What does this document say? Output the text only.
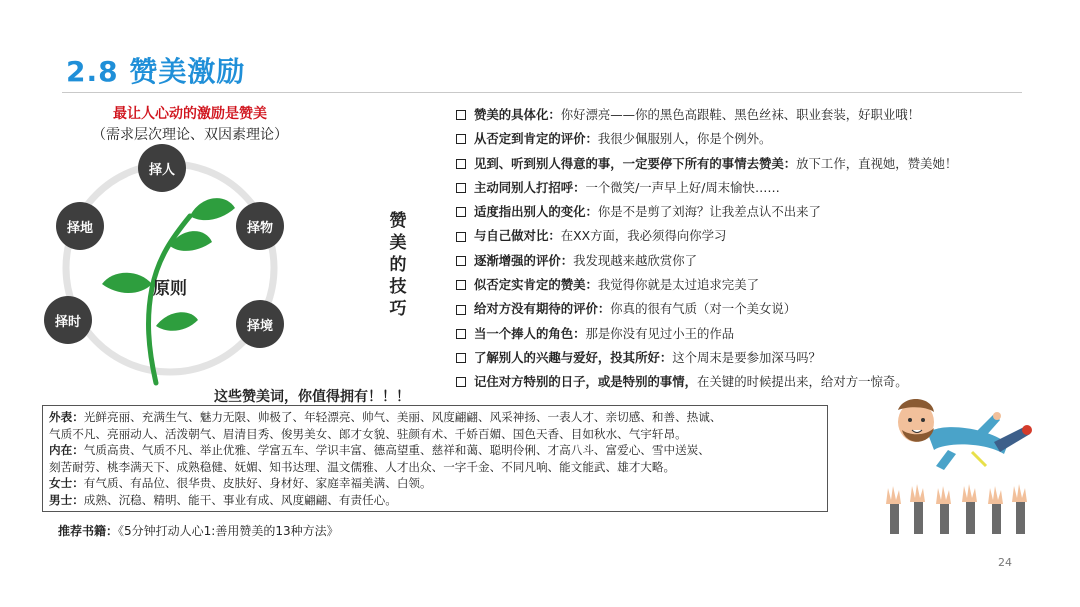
2.8 赞美激励
最让人心动的激励是赞美
（需求层次理论、双因素理论）
择人
择物
择境
择时
择地
原则
赞
美
的
技
巧
赞美的具体化： 你好漂亮——你的黑色高跟鞋、黑色丝袜、职业套装，好职业哦！
从否定到肯定的评价： 我很少佩服别人，你是个例外。
见到、听到别人得意的事，一定要停下所有的事情去赞美： 放下工作，直视她，赞美她！
主动同别人打招呼： 一个微笑/一声早上好/周末愉快……
适度指出别人的变化： 你是不是剪了刘海？让我差点认不出来了
与自己做对比： 在XX方面，我必须得向你学习
逐渐增强的评价： 我发现越来越欣赏你了
似否定实肯定的赞美： 我觉得你就是太过追求完美了
给对方没有期待的评价： 你真的很有气质（对一个美女说）
当一个捧人的角色： 那是你没有见过小王的作品
了解别人的兴趣与爱好，投其所好： 这个周末是要参加深马吗？
记住对方特别的日子，或是特别的事情， 在关键的时候提出来，给对方一惊奇。
这些赞美词，你值得拥有！！！

外表：光鲜亮丽、充满生气、魅力无限、帅极了、年轻漂亮、帅气、美丽、风度翩翩、风采神扬、一表人才、亲切感、和善、热诚、

气质不凡、亮丽动人、活泼朝气、眉清目秀、俊男美女、郎才女貌、驻颜有术、千娇百媚、国色天香、目如秋水、气宇轩昂。

内在：气质高贵、气质不凡、举止优雅、学富五车、学识丰富、德高望重、慈祥和蔼、聪明伶俐、才高八斗、富爱心、雪中送炭、

刻苦耐劳、桃李满天下、成熟稳健、妩媚、知书达理、温文儒雅、人才出众、一字千金、不同凡响、能文能武、雄才大略。

女士：有气质、有品位、很华贵、皮肤好、身材好、家庭幸福美满、白领。

男士：成熟、沉稳、精明、能干、事业有成、风度翩翩、有责任心。

推荐书籍：《5分钟打动人心1:善用赞美的13种方法》
24
